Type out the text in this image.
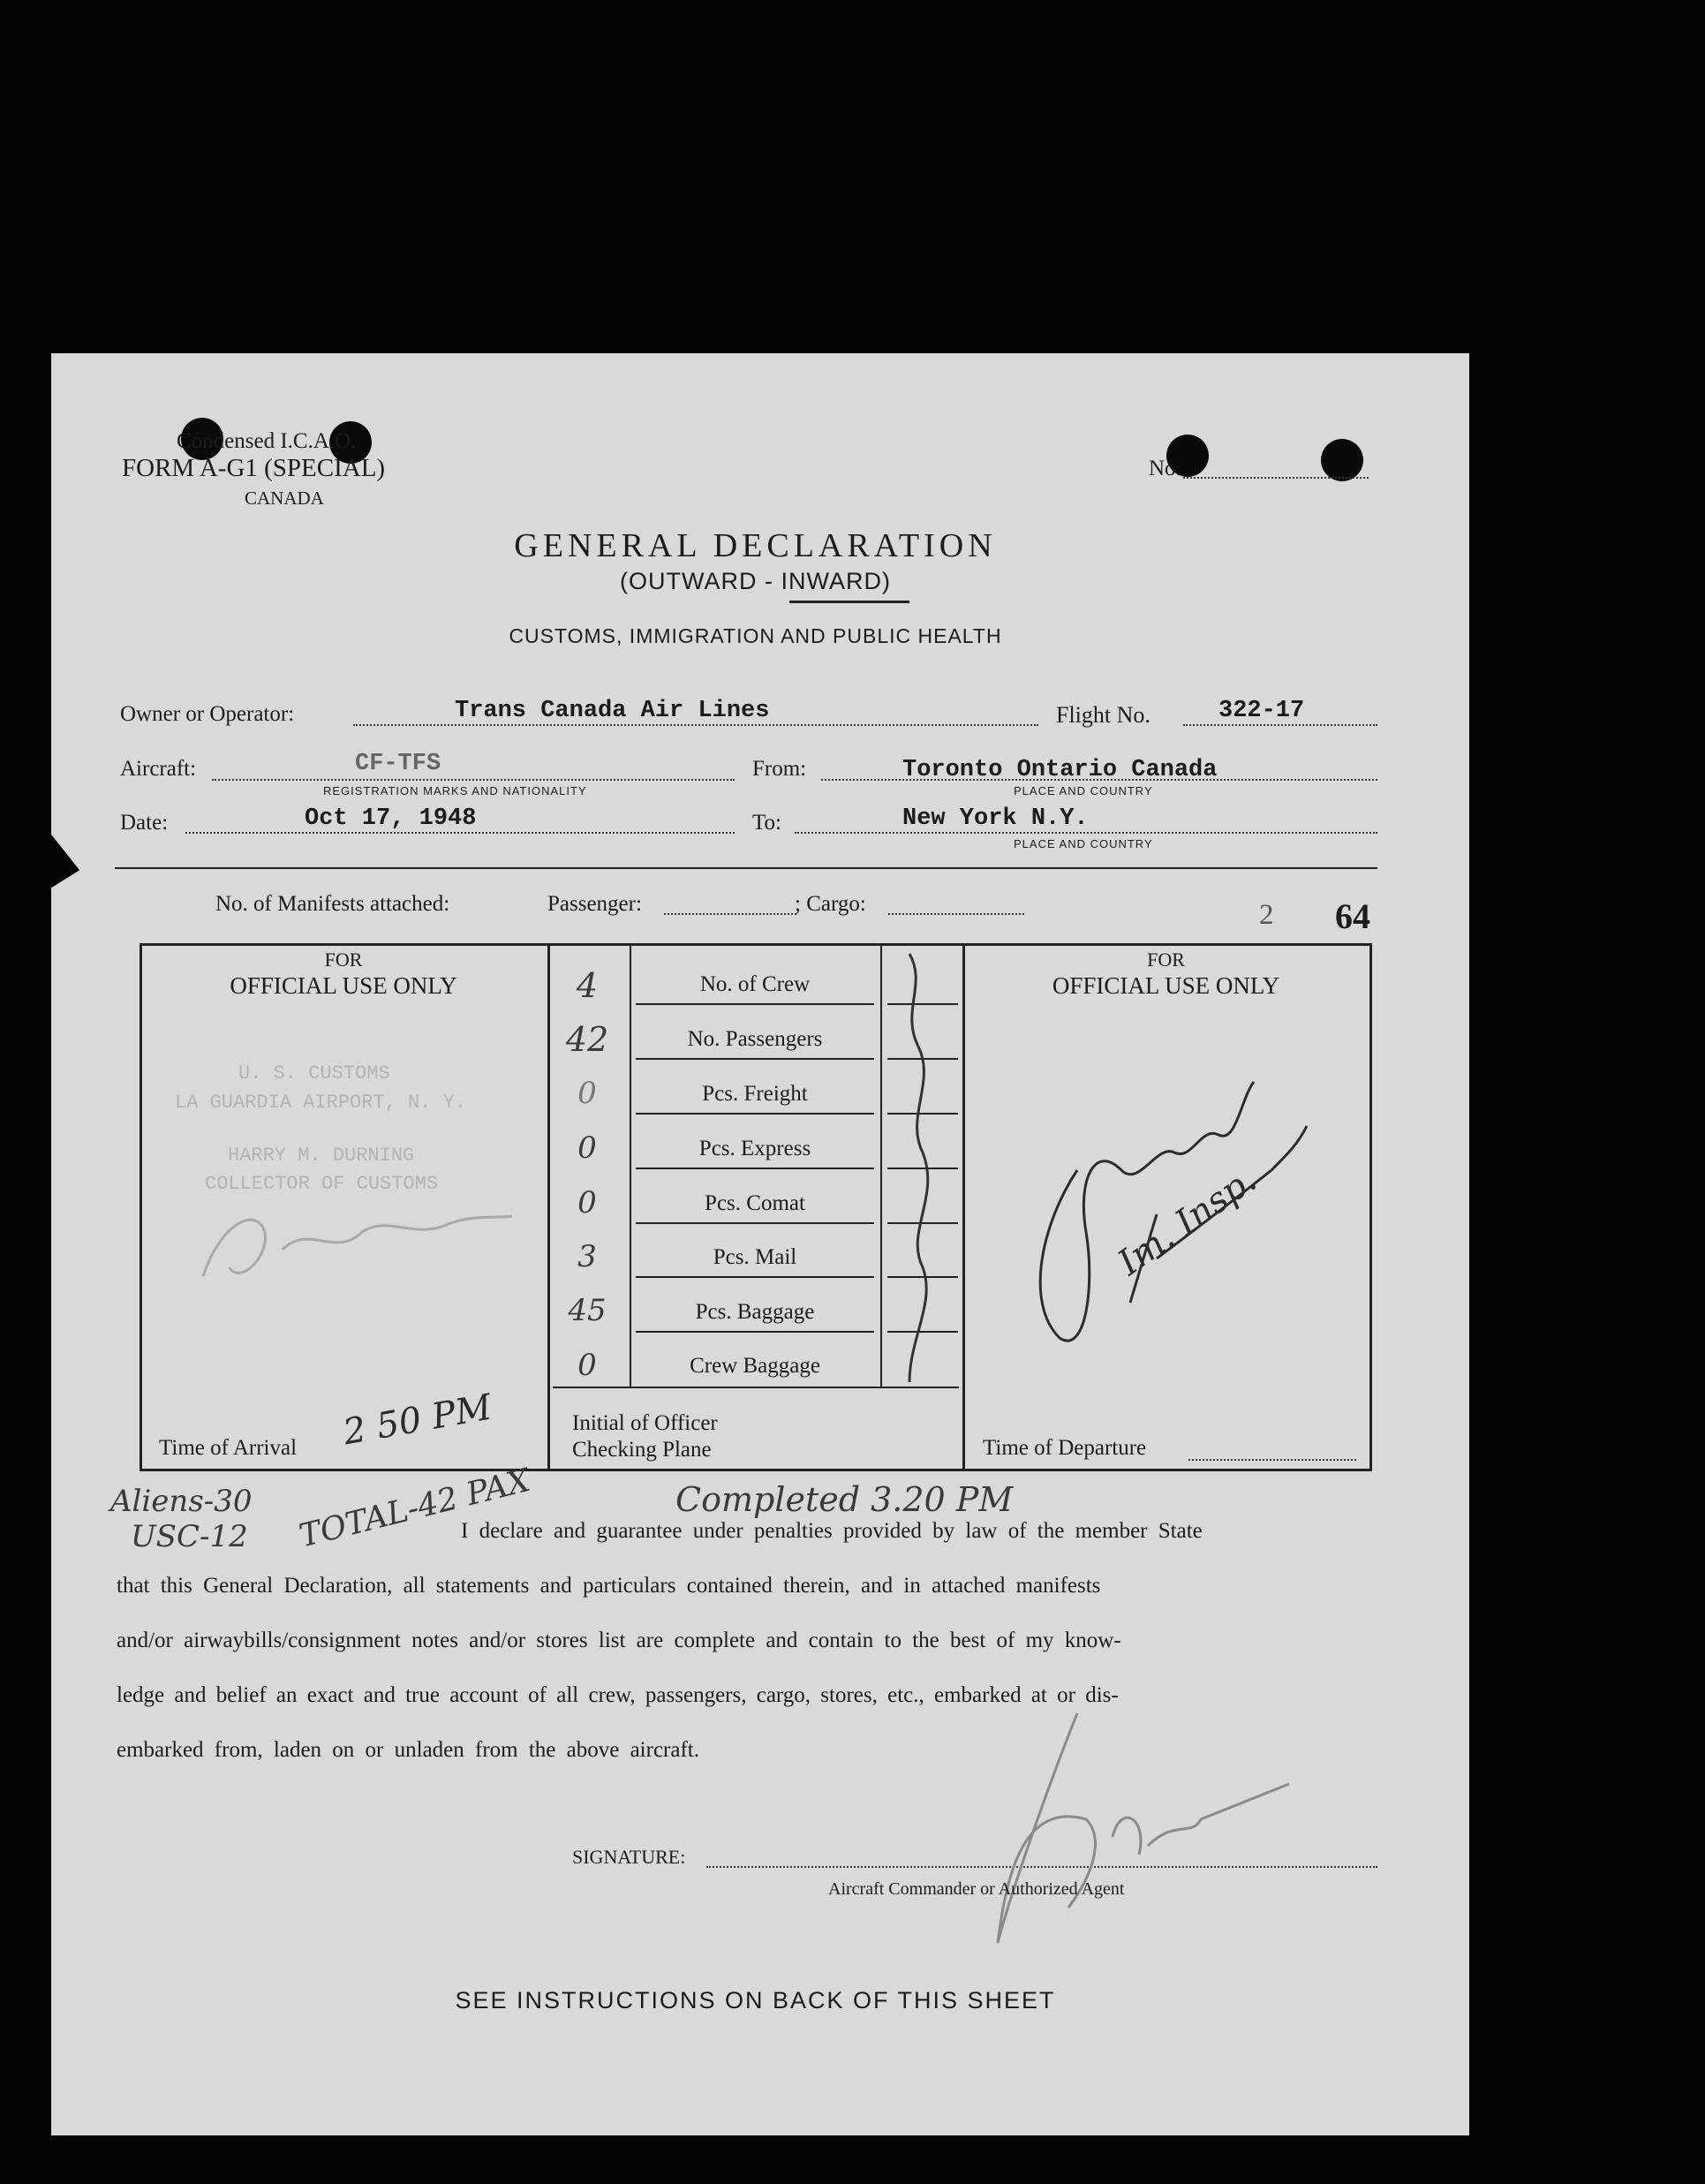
Condensed I.C.A.O.
FORM A-G1 (SPECIAL)
CANADA
No.
GENERAL DECLARATION
(OUTWARD - INWARD)
CUSTOMS, IMMIGRATION AND PUBLIC HEALTH
Owner or Operator:	Trans Canada Air Lines	Flight No.	322-17
Aircraft:	CF-TFS
REGISTRATION MARKS AND NATIONALITY
From:	Toronto Ontario Canada
PLACE AND COUNTRY
Date:	Oct 17, 1948	To:	New York N.Y.
PLACE AND COUNTRY
No. of Manifests attached:	Passenger:	; Cargo:	2 64
FOR
OFFICIAL USE ONLY
FOR
OFFICIAL USE ONLY
4	No. of Crew
42	No. Passengers
0	Pcs. Freight
0	Pcs. Express
0	Pcs. Comat
3	Pcs. Mail
45	Pcs. Baggage
0	Crew Baggage
U. S. CUSTOMS
LA GUARDIA AIRPORT, N. Y.
HARRY M. DURNING
COLLECTOR OF CUSTOMS	Im. Insp.
Time of Arrival 2 50 PM	Initial of Officer
Checking Plane	Time of Departure
Aliens-30
USC-12 TOTAL-42 PAX	Completed 3.20 PM
I declare and guarantee under penalties provided by law of the member State
that this General Declaration, all statements and particulars contained therein, and in attached manifests
and/or airwaybills/consignment notes and/or stores list are complete and contain to the best of my know-
ledge and belief an exact and true account of all crew, passengers, cargo, stores, etc., embarked at or dis-
embarked from, laden on or unladen from the above aircraft.
SIGNATURE:
Aircraft Commander or Authorized Agent
SEE INSTRUCTIONS ON BACK OF THIS SHEET
